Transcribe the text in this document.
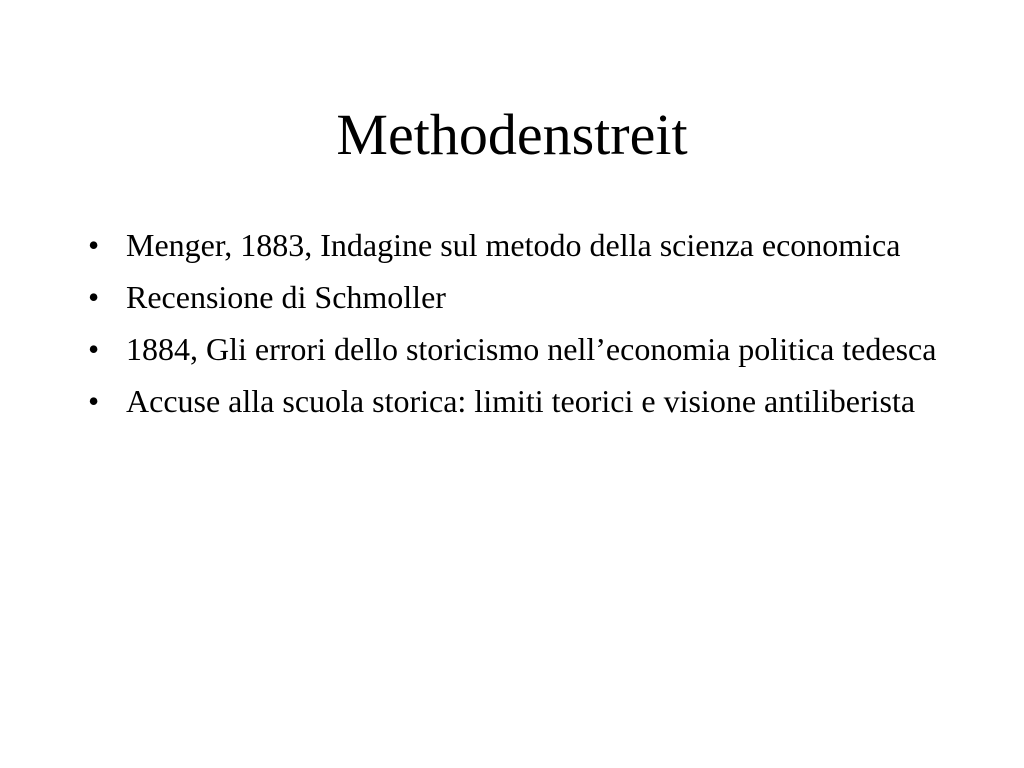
Methodenstreit
• Menger, 1883, Indagine sul metodo della scienza economica
• Recensione di Schmoller
• 1884, Gli errori dello storicismo nell’economia politica tedesca
• Accuse alla scuola storica: limiti teorici e visione antiliberista
